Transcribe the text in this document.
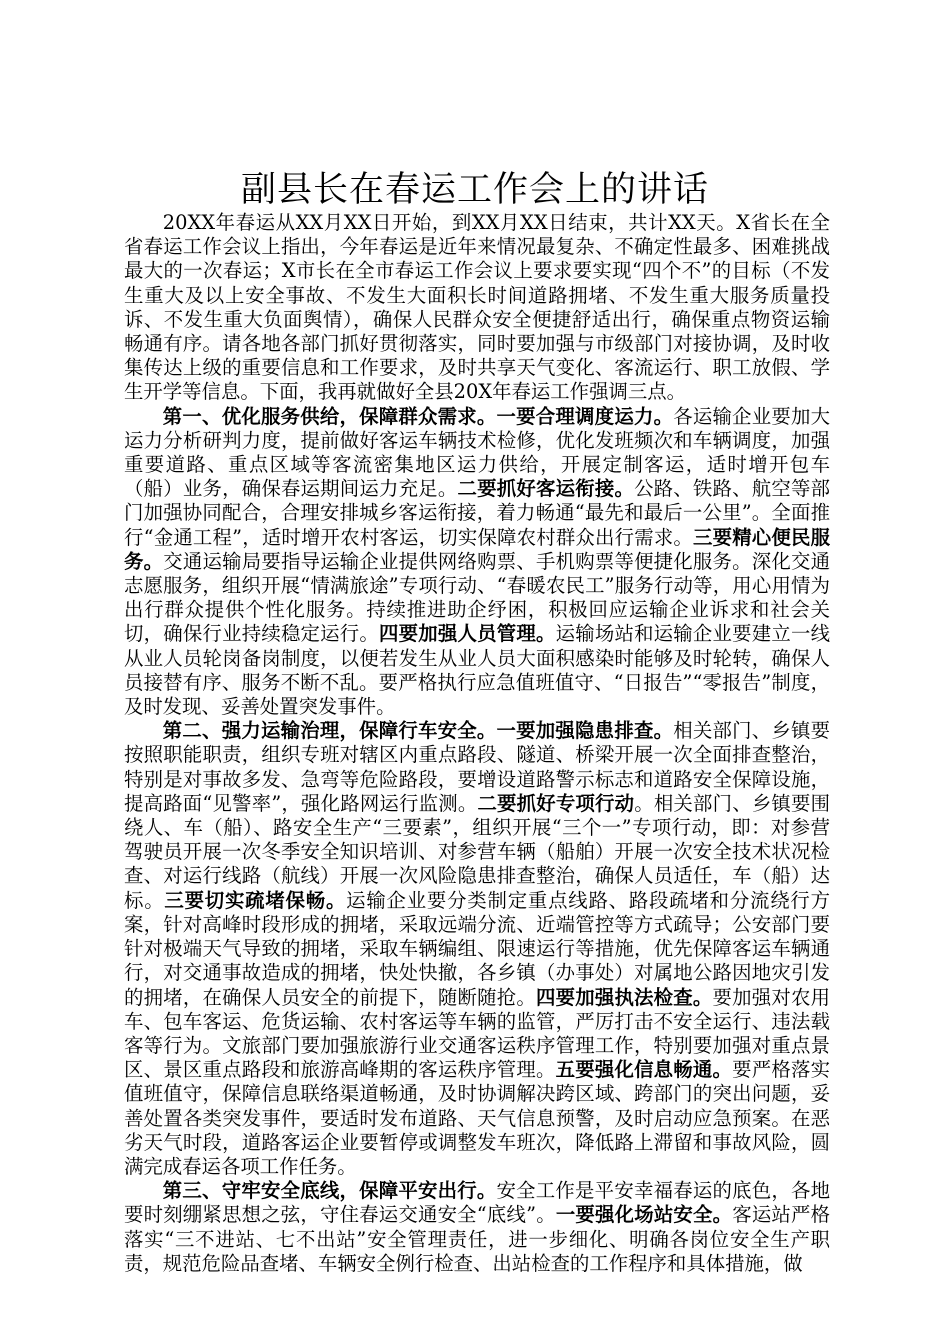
副县长在春运工作会上的讲话

20XX年春运从XX月XX日开始，到XX月XX日结束，共计XX天。X省长在全省春运工作会议上指出，今年春运是近年来情况最复杂、不确定性最多、困难挑战最大的一次春运；X市长在全市春运工作会议上要求要实现“四个不”的目标（不发生重大及以上安全事故、不发生大面积长时间道路拥堵、不发生重大服务质量投诉、不发生重大负面舆情），确保人民群众安全便捷舒适出行，确保重点物资运输畅通有序。请各地各部门抓好贯彻落实，同时要加强与市级部门对接协调，及时收集传达上级的重要信息和工作要求，及时共享天气变化、客流运行、职工放假、学生开学等信息。下面，我再就做好全县20X年春运工作强调三点。

第一、优化服务供给，保障群众需求。一要合理调度运力。各运输企业要加大运力分析研判力度，提前做好客运车辆技术检修，优化发班频次和车辆调度，加强重要道路、重点区域等客流密集地区运力供给，开展定制客运，适时增开包车（船）业务，确保春运期间运力充足。二要抓好客运衔接。公路、铁路、航空等部门加强协同配合，合理安排城乡客运衔接，着力畅通“最先和最后一公里”。全面推行“金通工程”，适时增开农村客运，切实保障农村群众出行需求。三要精心便民服务。交通运输局要指导运输企业提供网络购票、手机购票等便捷化服务。深化交通志愿服务，组织开展“情满旅途”专项行动、“春暖农民工”服务行动等，用心用情为出行群众提供个性化服务。持续推进助企纾困，积极回应运输企业诉求和社会关切，确保行业持续稳定运行。四要加强人员管理。运输场站和运输企业要建立一线从业人员轮岗备岗制度，以便若发生从业人员大面积感染时能够及时轮转，确保人员接替有序、服务不断不乱。要严格执行应急值班值守、“日报告”“零报告”制度，及时发现、妥善处置突发事件。

第二、强力运输治理，保障行车安全。一要加强隐患排查。相关部门、乡镇要按照职能职责，组织专班对辖区内重点路段、隧道、桥梁开展一次全面排查整治，特别是对事故多发、急弯等危险路段，要增设道路警示标志和道路安全保障设施，提高路面“见警率”，强化路网运行监测。二要抓好专项行动。相关部门、乡镇要围绕人、车（船）、路安全生产“三要素”，组织开展“三个一”专项行动，即：对参营驾驶员开展一次冬季安全知识培训、对参营车辆（船舶）开展一次安全技术状况检查、对运行线路（航线）开展一次风险隐患排查整治，确保人员适任，车（船）达标。三要切实疏堵保畅。运输企业要分类制定重点线路、路段疏堵和分流绕行方案，针对高峰时段形成的拥堵，采取远端分流、近端管控等方式疏导；公安部门要针对极端天气导致的拥堵，采取车辆编组、限速运行等措施，优先保障客运车辆通行，对交通事故造成的拥堵，快处快撤，各乡镇（办事处）对属地公路因地灾引发的拥堵，在确保人员安全的前提下，随断随抢。四要加强执法检查。要加强对农用车、包车客运、危货运输、农村客运等车辆的监管，严厉打击不安全运行、违法载客等行为。文旅部门要加强旅游行业交通客运秩序管理工作，特别要加强对重点景区、景区重点路段和旅游高峰期的客运秩序管理。五要强化信息畅通。要严格落实值班值守，保障信息联络渠道畅通，及时协调解决跨区域、跨部门的突出问题，妥善处置各类突发事件，要适时发布道路、天气信息预警，及时启动应急预案。在恶劣天气时段，道路客运企业要暂停或调整发车班次，降低路上滞留和事故风险，圆满完成春运各项工作任务。

第三、守牢安全底线，保障平安出行。安全工作是平安幸福春运的底色，各地要时刻绷紧思想之弦，守住春运交通安全“底线”。一要强化场站安全。客运站严格落实“三不进站、七不出站”安全管理责任，进一步细化、明确各岗位安全生产职责，规范危险品查堵、车辆安全例行检查、出站检查的工作程序和具体措施，做
